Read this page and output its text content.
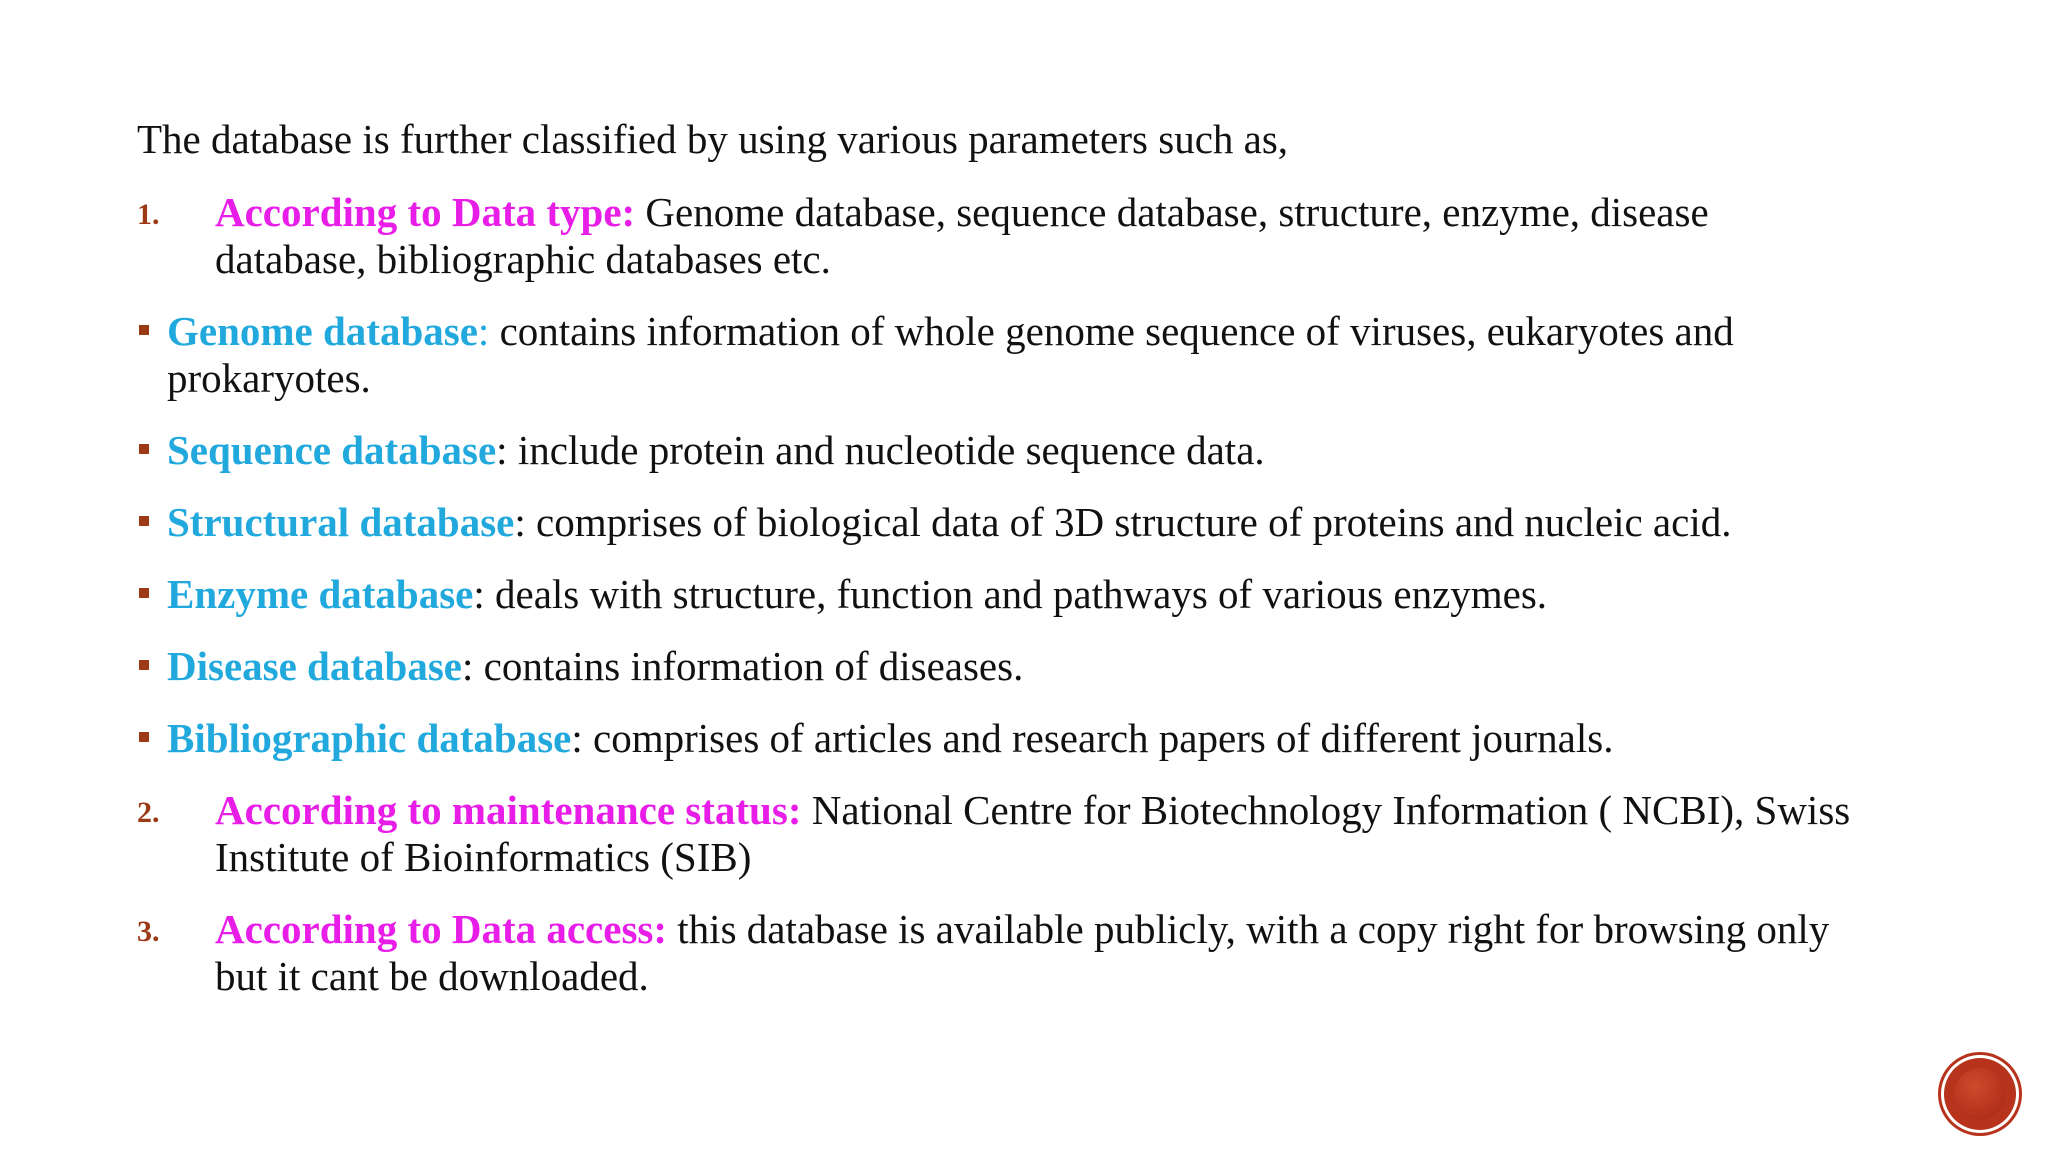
The database is further classified by using various parameters such as,
1. According to Data type: Genome database, sequence database, structure, enzyme, disease database, bibliographic databases etc.
Genome database: contains information of whole genome sequence of viruses, eukaryotes and prokaryotes.
Sequence database: include protein and nucleotide sequence data.
Structural database: comprises of biological data of 3D structure of proteins and nucleic acid.
Enzyme database: deals with structure, function and pathways of various enzymes.
Disease database: contains information of diseases.
Bibliographic database: comprises of articles and research papers of different journals.
2. According to maintenance status: National Centre for Biotechnology Information ( NCBI), Swiss Institute of Bioinformatics (SIB)
3. According to Data access: this database is available publicly, with a copy right for browsing only but it cant be downloaded.
